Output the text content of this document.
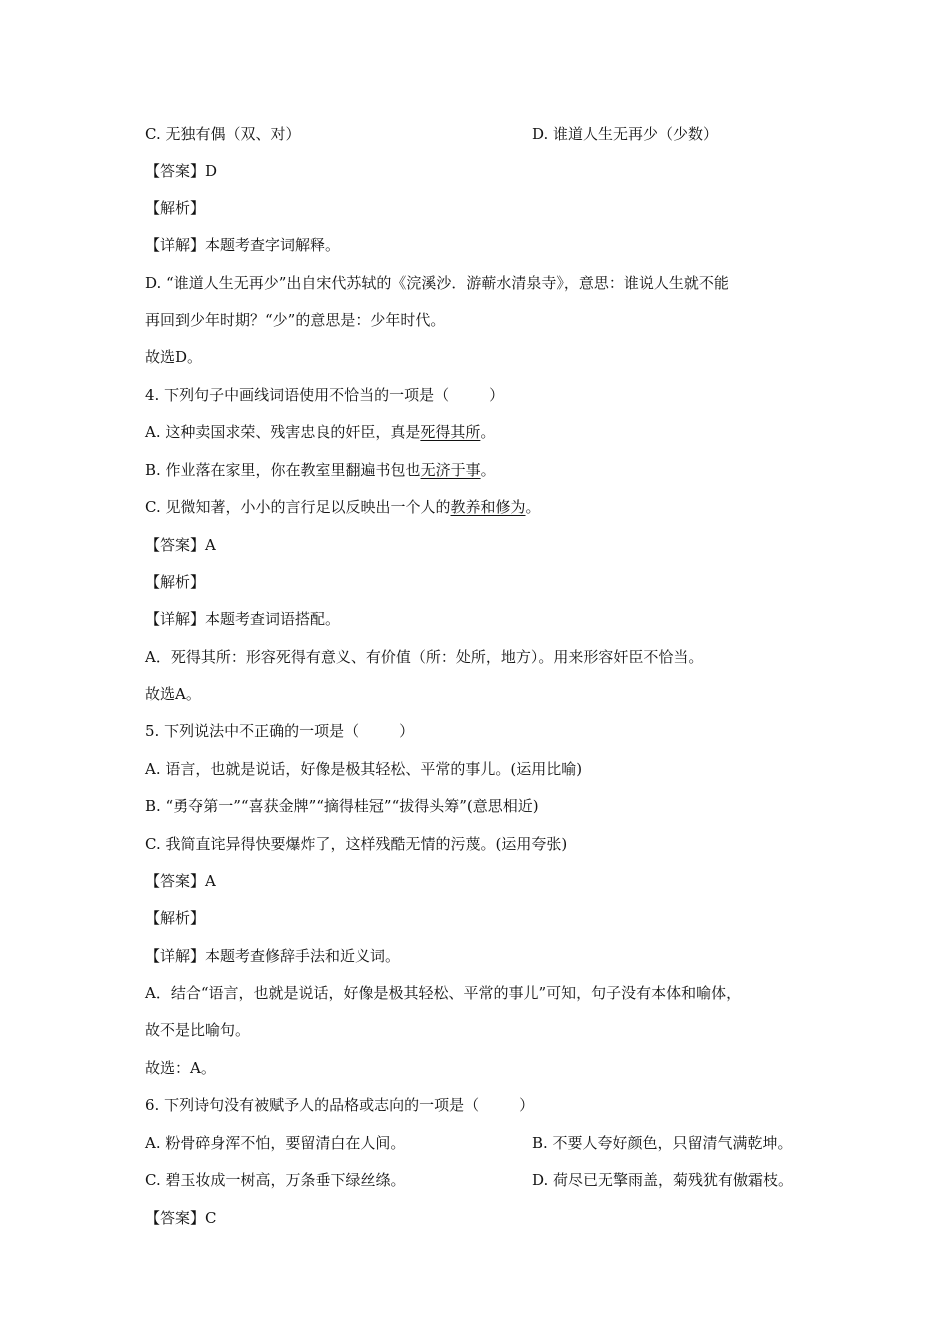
C. 无独有偶（双、对）	D. 谁道人生无再少（少数）
【答案】D
【解析】
【详解】本题考查字词解释。
D. “谁道人生无再少”出自宋代苏轼的《浣溪沙．游蕲水清泉寺》，意思：谁说人生就不能
再回到少年时期？“少”的意思是：少年时代。
故选D。
4. 下列句子中画线词语使用不恰当的一项是（	）
A. 这种卖国求荣、残害忠良的奸臣，真是死得其所。
B. 作业落在家里，你在教室里翻遍书包也无济于事。
C. 见微知著，小小的言行足以反映出一个人的教养和修为。
【答案】A
【解析】
【详解】本题考查词语搭配。
A．死得其所：形容死得有意义、有价值（所：处所，地方）。用来形容奸臣不恰当。
故选A。
5. 下列说法中不正确的一项是（	）
A. 语言，也就是说话，好像是极其轻松、平常的事儿。(运用比喻)
B. “勇夺第一”“喜获金牌”“摘得桂冠”“拔得头筹”(意思相近)
C. 我简直诧异得快要爆炸了，这样残酷无情的污蔑。(运用夸张)
【答案】A
【解析】
【详解】本题考查修辞手法和近义词。
A．结合“语言，也就是说话，好像是极其轻松、平常的事儿”可知，句子没有本体和喻体，
故不是比喻句。
故选：A。
6. 下列诗句没有被赋予人的品格或志向的一项是（	）
A. 粉骨碎身浑不怕，要留清白在人间。	B. 不要人夸好颜色，只留清气满乾坤。
C. 碧玉妆成一树高，万条垂下绿丝绦。	D. 荷尽已无擎雨盖，菊残犹有傲霜枝。
【答案】C
